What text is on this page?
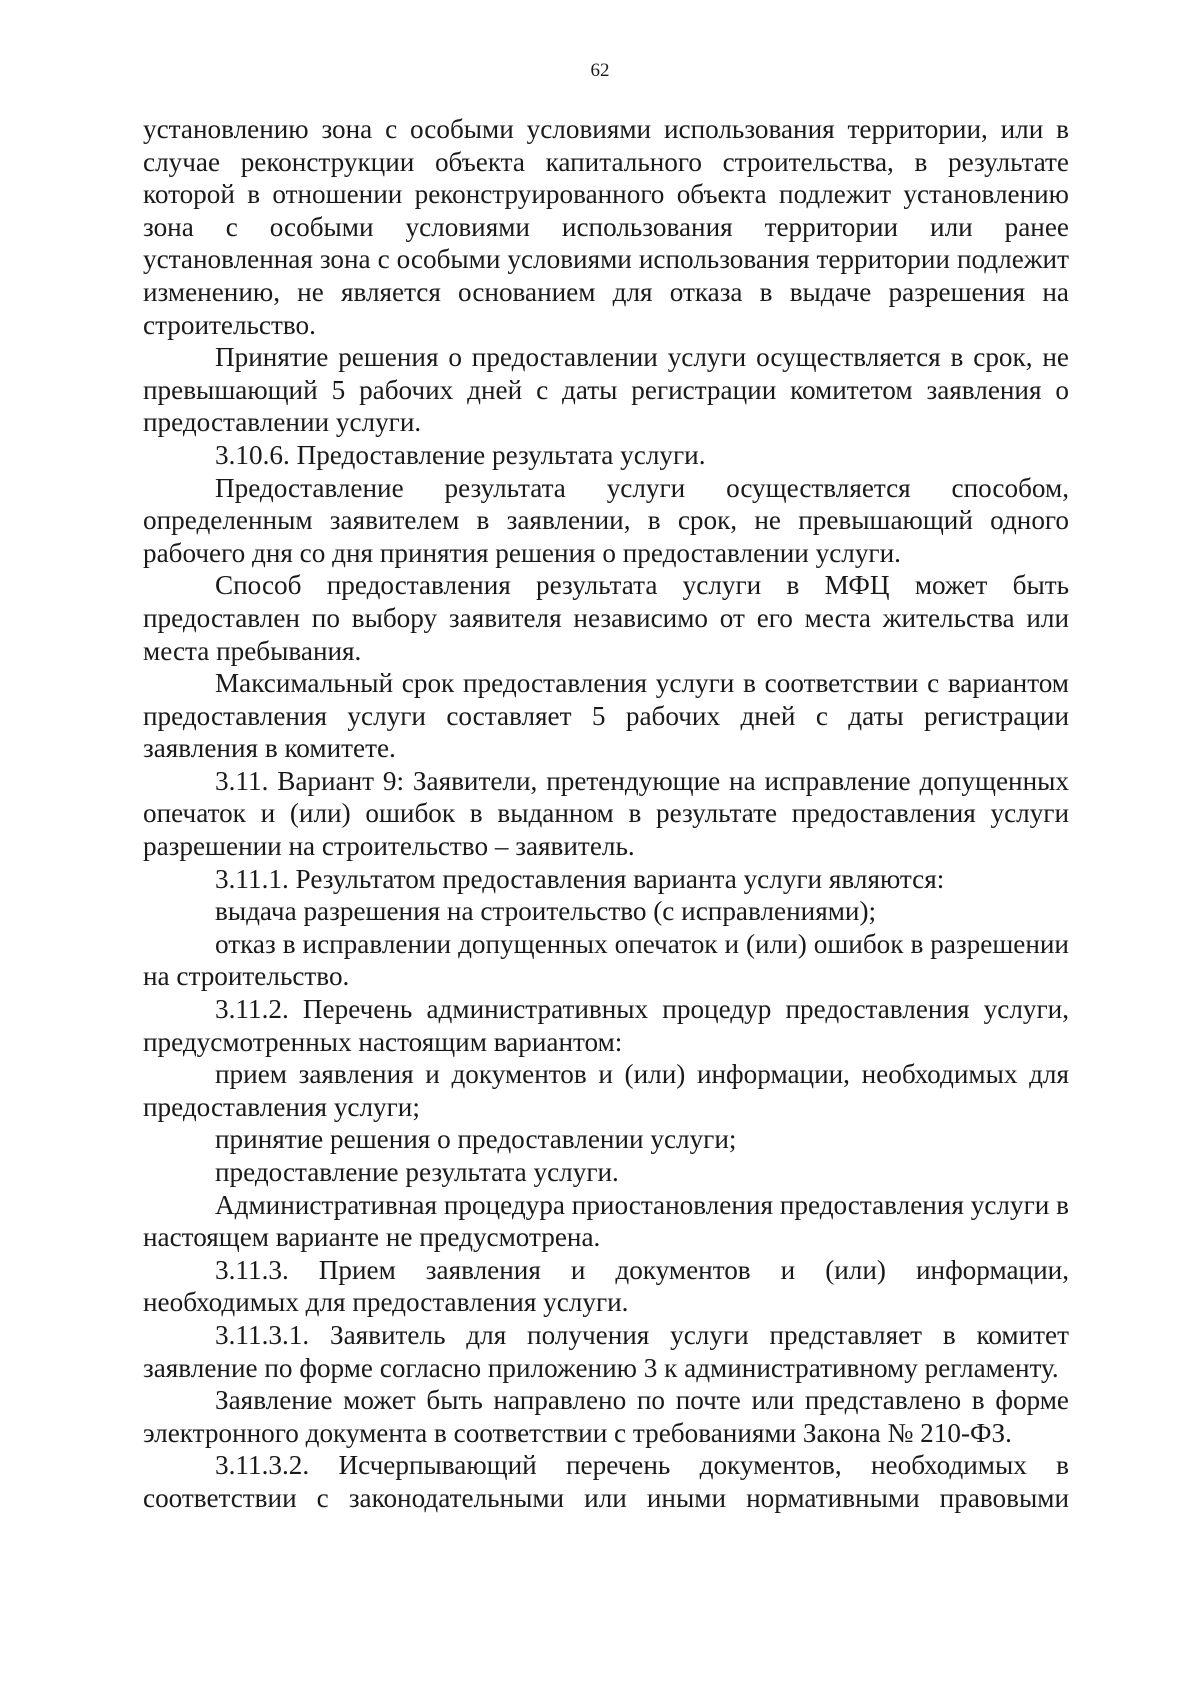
62

установлению зона с особыми условиями использования территории, или в случае реконструкции объекта капитального строительства, в результате которой в отношении реконструированного объекта подлежит установлению зона с особыми условиями использования территории или ранее установленная зона с особыми условиями использования территории подлежит изменению, не является основанием для отказа в выдаче разрешения на строительство.

Принятие решения о предоставлении услуги осуществляется в срок, не превышающий 5 рабочих дней с даты регистрации комитетом заявления о предоставлении услуги.

3.10.6. Предоставление результата услуги.

Предоставление результата услуги осуществляется способом, определенным заявителем в заявлении, в срок, не превышающий одного рабочего дня со дня принятия решения о предоставлении услуги.

Способ предоставления результата услуги в МФЦ может быть предоставлен по выбору заявителя независимо от его места жительства или места пребывания.

Максимальный срок предоставления услуги в соответствии с вариантом предоставления услуги составляет 5 рабочих дней с даты регистрации заявления в комитете.

3.11. Вариант 9: Заявители, претендующие на исправление допущенных опечаток и (или) ошибок в выданном в результате предоставления услуги разрешении на строительство – заявитель.

3.11.1. Результатом предоставления варианта услуги являются:

выдача разрешения на строительство (с исправлениями);

отказ в исправлении допущенных опечаток и (или) ошибок в разрешении на строительство.

3.11.2. Перечень административных процедур предоставления услуги, предусмотренных настоящим вариантом:

прием заявления и документов и (или) информации, необходимых для предоставления услуги;

принятие решения о предоставлении услуги;

предоставление результата услуги.

Административная процедура приостановления предоставления услуги в настоящем варианте не предусмотрена.

3.11.3. Прием заявления и документов и (или) информации, необходимых для предоставления услуги.

3.11.3.1. Заявитель для получения услуги представляет в комитет заявление по форме согласно приложению 3 к административному регламенту.

Заявление может быть направлено по почте или представлено в форме электронного документа в соответствии с требованиями Закона № 210-ФЗ.

3.11.3.2. Исчерпывающий перечень документов, необходимых в соответствии с законодательными или иными нормативными правовыми
